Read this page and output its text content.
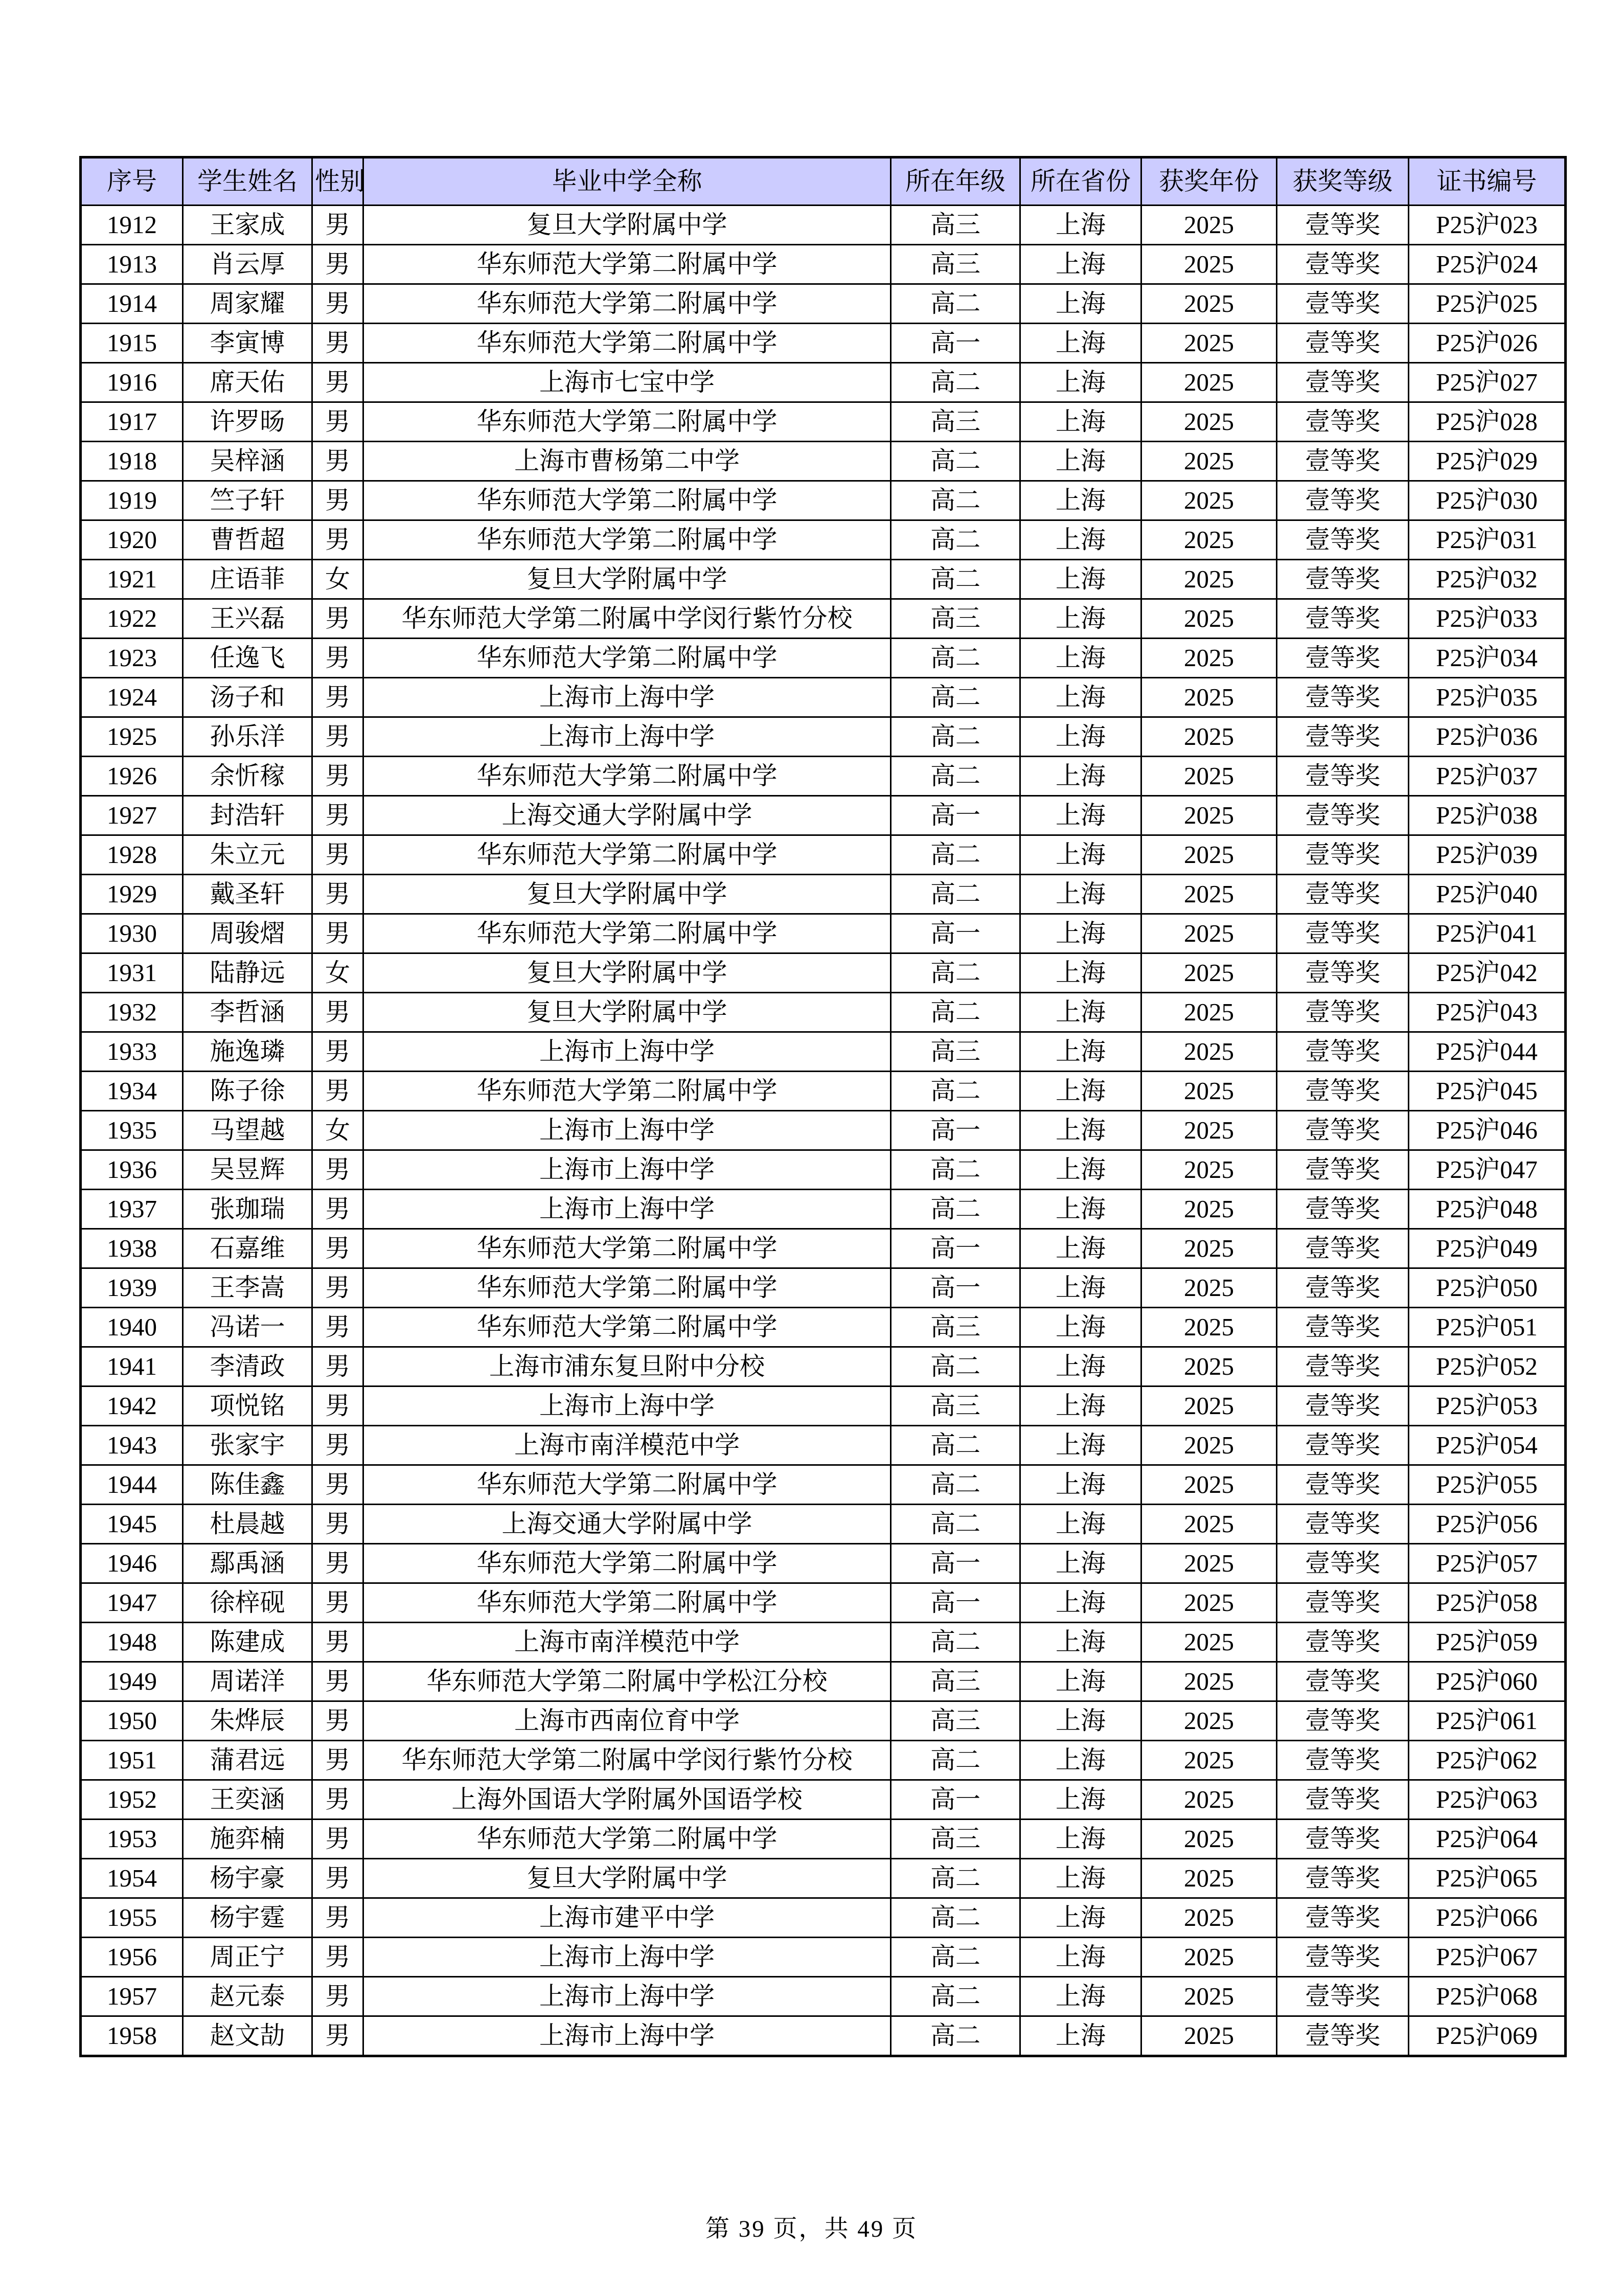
序号	学生姓名	性别	毕业中学全称	所在年级	所在省份	获奖年份	获奖等级	证书编号
1912	王家成	男	复旦大学附属中学	高三	上海	2025	壹等奖	P25沪023
1913	肖云厚	男	华东师范大学第二附属中学	高三	上海	2025	壹等奖	P25沪024
1914	周家耀	男	华东师范大学第二附属中学	高二	上海	2025	壹等奖	P25沪025
1915	李寅博	男	华东师范大学第二附属中学	高一	上海	2025	壹等奖	P25沪026
1916	席天佑	男	上海市七宝中学	高二	上海	2025	壹等奖	P25沪027
1917	许罗旸	男	华东师范大学第二附属中学	高三	上海	2025	壹等奖	P25沪028
1918	吴梓涵	男	上海市曹杨第二中学	高二	上海	2025	壹等奖	P25沪029
1919	竺子轩	男	华东师范大学第二附属中学	高二	上海	2025	壹等奖	P25沪030
1920	曹哲超	男	华东师范大学第二附属中学	高二	上海	2025	壹等奖	P25沪031
1921	庄语菲	女	复旦大学附属中学	高二	上海	2025	壹等奖	P25沪032
1922	王兴磊	男	华东师范大学第二附属中学闵行紫竹分校	高三	上海	2025	壹等奖	P25沪033
1923	任逸飞	男	华东师范大学第二附属中学	高二	上海	2025	壹等奖	P25沪034
1924	汤子和	男	上海市上海中学	高二	上海	2025	壹等奖	P25沪035
1925	孙乐洋	男	上海市上海中学	高二	上海	2025	壹等奖	P25沪036
1926	余忻稼	男	华东师范大学第二附属中学	高二	上海	2025	壹等奖	P25沪037
1927	封浩轩	男	上海交通大学附属中学	高一	上海	2025	壹等奖	P25沪038
1928	朱立元	男	华东师范大学第二附属中学	高二	上海	2025	壹等奖	P25沪039
1929	戴圣轩	男	复旦大学附属中学	高二	上海	2025	壹等奖	P25沪040
1930	周骏熠	男	华东师范大学第二附属中学	高一	上海	2025	壹等奖	P25沪041
1931	陆静远	女	复旦大学附属中学	高二	上海	2025	壹等奖	P25沪042
1932	李哲涵	男	复旦大学附属中学	高二	上海	2025	壹等奖	P25沪043
1933	施逸璘	男	上海市上海中学	高三	上海	2025	壹等奖	P25沪044
1934	陈子徐	男	华东师范大学第二附属中学	高二	上海	2025	壹等奖	P25沪045
1935	马望越	女	上海市上海中学	高一	上海	2025	壹等奖	P25沪046
1936	吴昱辉	男	上海市上海中学	高二	上海	2025	壹等奖	P25沪047
1937	张珈瑞	男	上海市上海中学	高二	上海	2025	壹等奖	P25沪048
1938	石嘉维	男	华东师范大学第二附属中学	高一	上海	2025	壹等奖	P25沪049
1939	王李嵩	男	华东师范大学第二附属中学	高一	上海	2025	壹等奖	P25沪050
1940	冯诺一	男	华东师范大学第二附属中学	高三	上海	2025	壹等奖	P25沪051
1941	李清政	男	上海市浦东复旦附中分校	高二	上海	2025	壹等奖	P25沪052
1942	项悦铭	男	上海市上海中学	高三	上海	2025	壹等奖	P25沪053
1943	张家宇	男	上海市南洋模范中学	高二	上海	2025	壹等奖	P25沪054
1944	陈佳鑫	男	华东师范大学第二附属中学	高二	上海	2025	壹等奖	P25沪055
1945	杜晨越	男	上海交通大学附属中学	高二	上海	2025	壹等奖	P25沪056
1946	鄢禹涵	男	华东师范大学第二附属中学	高一	上海	2025	壹等奖	P25沪057
1947	徐梓砚	男	华东师范大学第二附属中学	高一	上海	2025	壹等奖	P25沪058
1948	陈建成	男	上海市南洋模范中学	高二	上海	2025	壹等奖	P25沪059
1949	周诺洋	男	华东师范大学第二附属中学松江分校	高三	上海	2025	壹等奖	P25沪060
1950	朱烨辰	男	上海市西南位育中学	高三	上海	2025	壹等奖	P25沪061
1951	蒲君远	男	华东师范大学第二附属中学闵行紫竹分校	高二	上海	2025	壹等奖	P25沪062
1952	王奕涵	男	上海外国语大学附属外国语学校	高一	上海	2025	壹等奖	P25沪063
1953	施弈楠	男	华东师范大学第二附属中学	高三	上海	2025	壹等奖	P25沪064
1954	杨宇豪	男	复旦大学附属中学	高二	上海	2025	壹等奖	P25沪065
1955	杨宇霆	男	上海市建平中学	高二	上海	2025	壹等奖	P25沪066
1956	周正宁	男	上海市上海中学	高二	上海	2025	壹等奖	P25沪067
1957	赵元泰	男	上海市上海中学	高二	上海	2025	壹等奖	P25沪068
1958	赵文劼	男	上海市上海中学	高二	上海	2025	壹等奖	P25沪069
第 39 页，共 49 页
